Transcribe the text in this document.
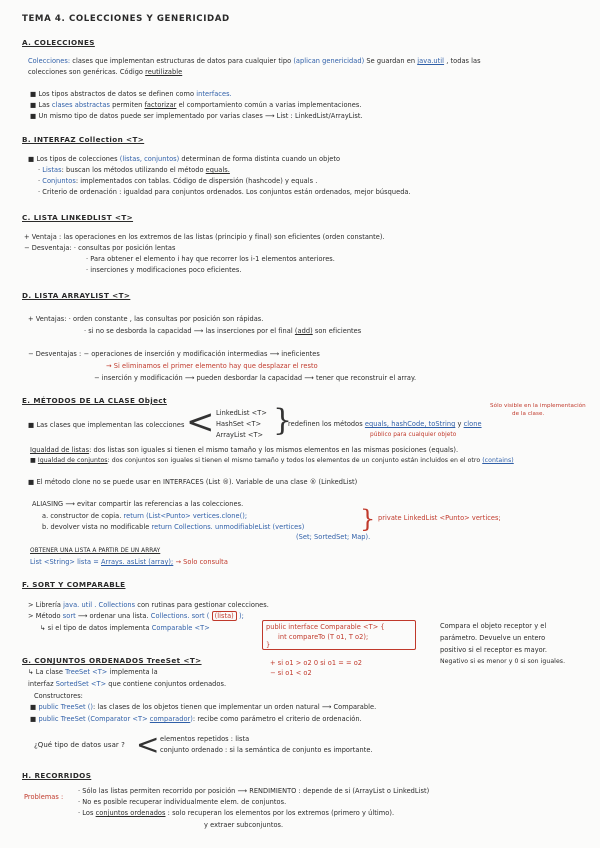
TEMA 4. COLECCIONES Y GENERICIDAD
A. COLECCIONES
Colecciones: clases que implementan estructuras de datos para cualquier tipo (aplican genericidad) Se guardan en java.util , todas las
colecciones son genéricas. Código reutilizable
■ Los tipos abstractos de datos se definen como interfaces.
■ Las clases abstractas permiten factorizar el comportamiento común a varias implementaciones.
■ Un mismo tipo de datos puede ser implementado por varias clases ⟶ List : LinkedList/ArrayList.
B. INTERFAZ Collection <T>
■ Los tipos de colecciones (listas, conjuntos) determinan de forma distinta cuando un objeto
· Listas: buscan los métodos utilizando el método equals.
· Conjuntos: implementados con tablas. Código de dispersión (hashcode) y equals .
· Criterio de ordenación : igualdad para conjuntos ordenados. Los conjuntos están ordenados, mejor búsqueda.
C. LISTA LINKEDLIST <T>
+ Ventaja : las operaciones en los extremos de las listas (principio y final) son eficientes (orden constante).
− Desventaja: · consultas por posición lentas
· Para obtener el elemento i hay que recorrer los i-1 elementos anteriores.
· inserciones y modificaciones poco eficientes.
D. LISTA ARRAYLIST <T>
+ Ventajas: · orden constante , las consultas por posición son rápidas.
· si no se desborda la capacidad ⟶ las inserciones por el final (add) son eficientes
− Desventajas : − operaciones de inserción y modificación intermedias ⟶ ineficientes
→ Si eliminamos el primer elemento hay que desplazar el resto
− inserción y modificación ⟶ pueden desbordar la capacidad ⟶ tener que reconstruir el array.
E. MÉTODOS DE LA CLASE Object
■ Las clases que implementan las colecciones < LinkedList <T>
HashSet <T>
ArrayList <T> }
redefinen los métodos equals, hashCode, toString y clone
Sólo visible en la implementación
de la clase.
público para cualquier objeto
Igualdad de listas: dos listas son iguales si tienen el mismo tamaño y los mismos elementos en las mismas posiciones (equals).
■ Igualdad de conjuntos: dos conjuntos son iguales si tienen el mismo tamaño y todos los elementos de un conjunto están incluidos en el otro (contains)
■ El método clone no se puede usar en INTERFACES (List ®). Variable de una clase ® (LinkedList)
ALIASING ⟶ evitar compartir las referencias a las colecciones.
a. constructor de copia. return (List<Punto> vertices.clone();
b. devolver vista no modificable return Collections. unmodifiableList (vertices)
(Set; SortedSet; Map).
} private LinkedList <Punto> vertices;
OBTENER UNA LISTA A PARTIR DE UN ARRAY
List <String> lista = Arrays. asList (array); → Solo consulta
F. SORT Y COMPARABLE
> Librería java. util . Collections con rutinas para gestionar colecciones.
> Método sort ⟶ ordenar una lista. Collections. sort ( (lista) );
↳ si el tipo de datos implementa Comparable <T>	public interface Comparable <T> {
int compareTo (T o1, T o2);
}
+ si o1 > o2 0 si o1 = = o2
− si o1 < o2
Compara el objeto receptor y el
parámetro. Devuelve un entero
positivo si el receptor es mayor.
Negativo si es menor y 0 si son iguales.
G. CONJUNTOS ORDENADOS TreeSet <T>
↳ La clase TreeSet <T> implementa la
interfaz SortedSet <T> que contiene conjuntos ordenados.
Constructores:
■ public TreeSet (): las clases de los objetos tienen que implementar un orden natural ⟶ Comparable.
■ public TreeSet (Comparator <T> comparador): recibe como parámetro el criterio de ordenación.
¿Qué tipo de datos usar ? < elementos repetidos : lista
conjunto ordenado : si la semántica de conjunto es importante.
H. RECORRIDOS
Problemas :
· Sólo las listas permiten recorrido por posición ⟶ RENDIMIENTO : depende de si (ArrayList o LinkedList)
· No es posible recuperar individualmente elem. de conjuntos.
· Los conjuntos ordenados : solo recuperan los elementos por los extremos (primero y último).
y extraer subconjuntos.
